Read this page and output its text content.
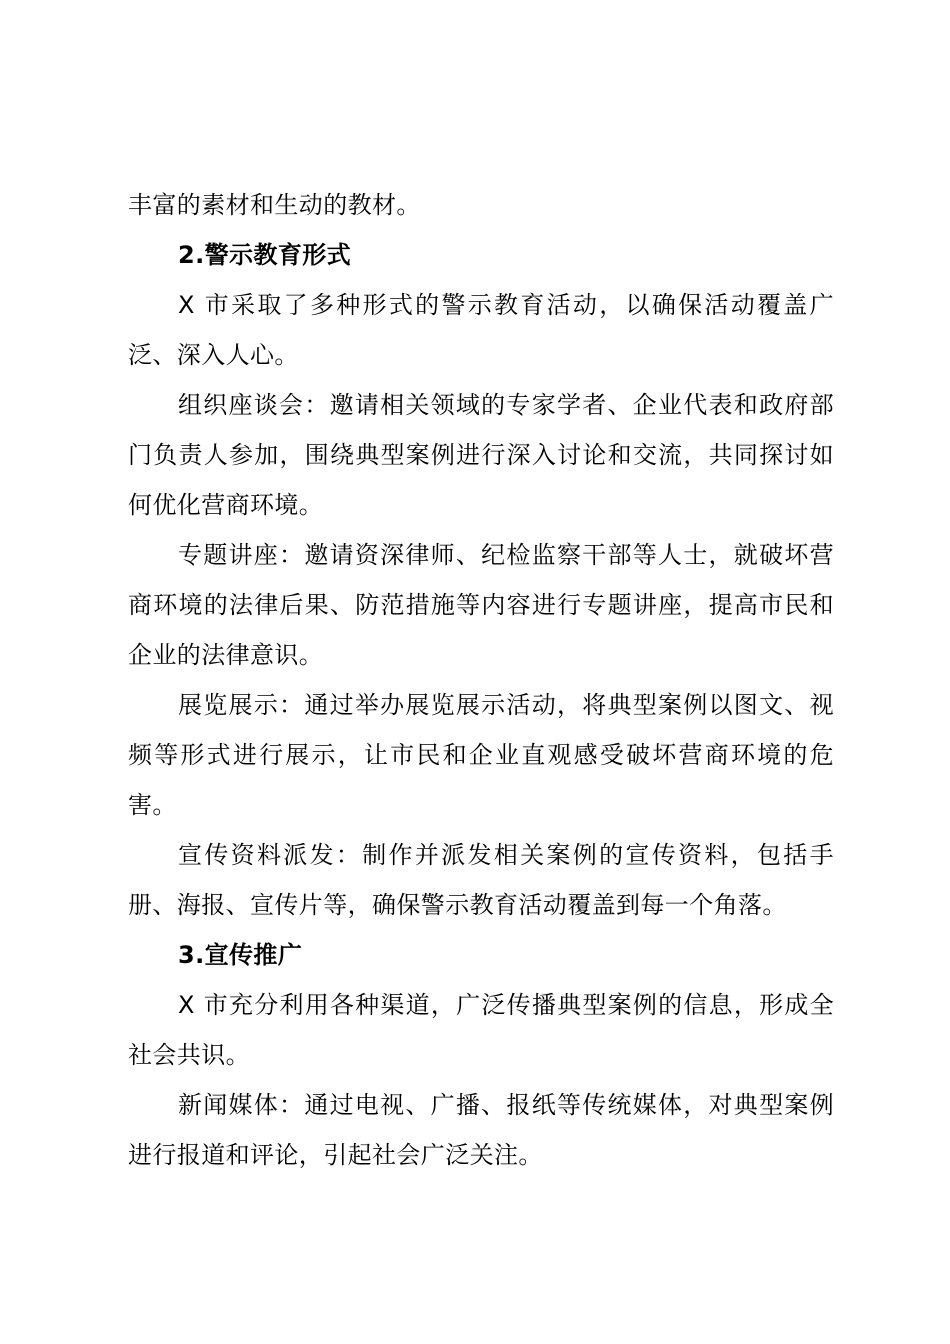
丰富的素材和生动的教材。

2.警示教育形式

X 市采取了多种形式的警示教育活动，以确保活动覆盖广泛、深入人心。

组织座谈会：邀请相关领域的专家学者、企业代表和政府部门负责人参加，围绕典型案例进行深入讨论和交流，共同探讨如何优化营商环境。

专题讲座：邀请资深律师、纪检监察干部等人士，就破坏营商环境的法律后果、防范措施等内容进行专题讲座，提高市民和企业的法律意识。

展览展示：通过举办展览展示活动，将典型案例以图文、视频等形式进行展示，让市民和企业直观感受破坏营商环境的危害。

宣传资料派发：制作并派发相关案例的宣传资料，包括手册、海报、宣传片等，确保警示教育活动覆盖到每一个角落。

3.宣传推广

X 市充分利用各种渠道，广泛传播典型案例的信息，形成全社会共识。

新闻媒体：通过电视、广播、报纸等传统媒体，对典型案例进行报道和评论，引起社会广泛关注。
